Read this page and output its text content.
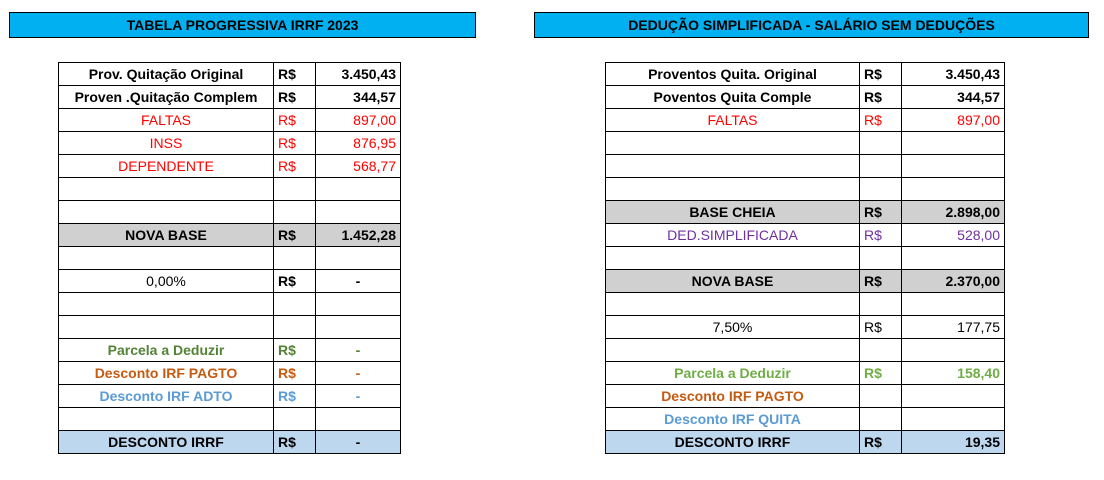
TABELA PROGRESSIVA IRRF 2023	DEDUÇÃO SIMPLIFICADA - SALÁRIO SEM DEDUÇÕES
Prov. Quitação Original	R$	3.450,43
Proven .Quitação Complem	R$	344,57
FALTAS	R$	897,00
INSS	R$	876,95
DEPENDENTE	R$	568,77

NOVA BASE	R$	1.452,28

0,00%	R$	-

Parcela a Deduzir	R$	-
Desconto IRF PAGTO	R$	-
Desconto IRF ADTO	R$	-

DESCONTO IRRF	R$	-
Proventos Quita. Original	R$	3.450,43
Poventos Quita Comple	R$	344,57
FALTAS	R$	897,00

BASE CHEIA	R$	2.898,00
DED.SIMPLIFICADA	R$	528,00

NOVA BASE	R$	2.370,00

7,50%	R$	177,75

Parcela a Deduzir	R$	158,40
Desconto IRF PAGTO		
Desconto IRF QUITA		
DESCONTO IRRF	R$	19,35
